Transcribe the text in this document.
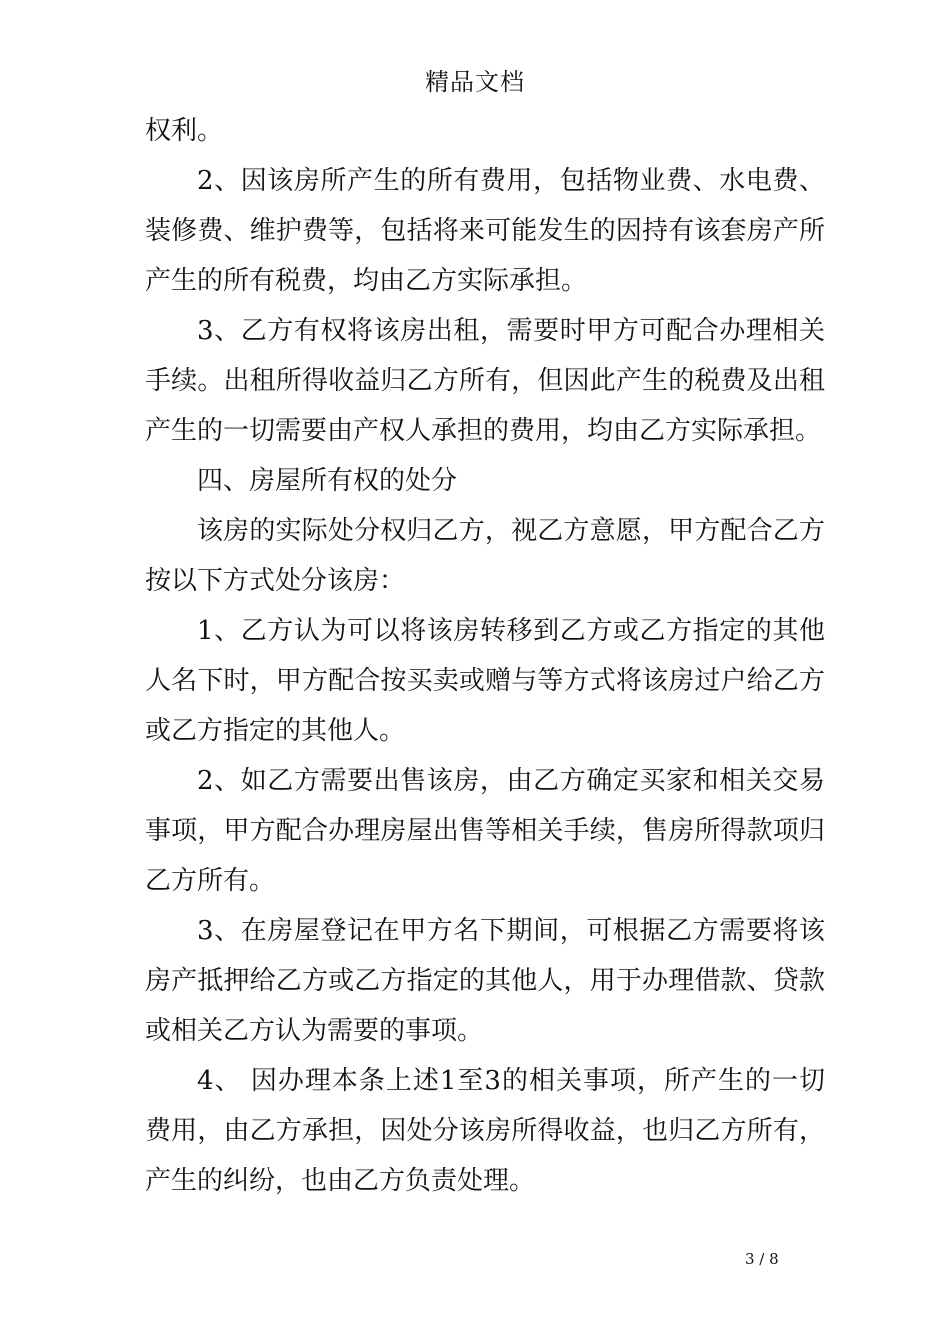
精品文档

权利。

2、因该房所产生的所有费用，包括物业费、水电费、装修费、维护费等，包括将来可能发生的因持有该套房产所产生的所有税费，均由乙方实际承担。

3、乙方有权将该房出租，需要时甲方可配合办理相关手续。出租所得收益归乙方所有，但因此产生的税费及出租产生的一切需要由产权人承担的费用，均由乙方实际承担。

四、房屋所有权的处分

该房的实际处分权归乙方，视乙方意愿，甲方配合乙方按以下方式处分该房：

1、乙方认为可以将该房转移到乙方或乙方指定的其他人名下时，甲方配合按买卖或赠与等方式将该房过户给乙方或乙方指定的其他人。

2、如乙方需要出售该房，由乙方确定买家和相关交易事项，甲方配合办理房屋出售等相关手续，售房所得款项归乙方所有。

3、在房屋登记在甲方名下期间，可根据乙方需要将该房产抵押给乙方或乙方指定的其他人，用于办理借款、贷款或相关乙方认为需要的事项。

4、 因办理本条上述1至3的相关事项，所产生的一切费用，由乙方承担，因处分该房所得收益，也归乙方所有，产生的纠纷，也由乙方负责处理。

3 / 8
